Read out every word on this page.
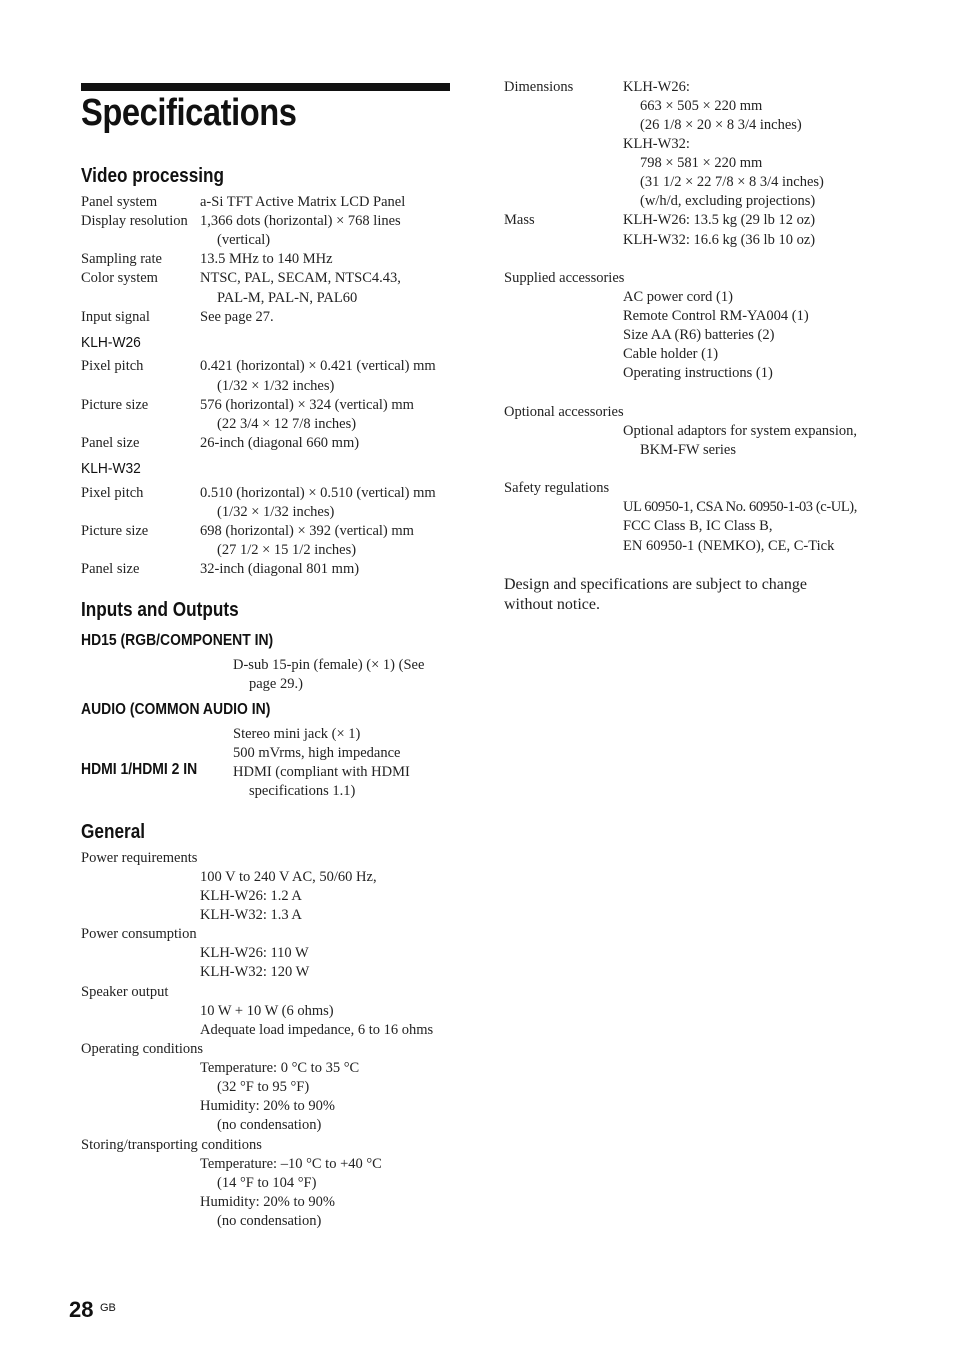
Specifications
Video processing
Panel system	a-Si TFT Active Matrix LCD Panel
Display resolution 1,366 dots (horizontal) × 768 lines
(vertical)
Sampling rate	13.5 MHz to 140 MHz
Color system	NTSC, PAL, SECAM, NTSC4.43,
PAL-M, PAL-N, PAL60
Input signal	See page 27.
KLH-W26
Pixel pitch	0.421 (horizontal) × 0.421 (vertical) mm
(1/32 × 1/32 inches)
Picture size	576 (horizontal) × 324 (vertical) mm
(22 3/4 × 12 7/8 inches)
Panel size	26-inch (diagonal 660 mm)
KLH-W32
Pixel pitch	0.510 (horizontal) × 0.510 (vertical) mm
(1/32 × 1/32 inches)
Picture size	698 (horizontal) × 392 (vertical) mm
(27 1/2 × 15 1/2 inches)
Panel size	32-inch (diagonal 801 mm)
Inputs and Outputs
HD15 (RGB/COMPONENT IN)
D-sub 15-pin (female) (× 1) (See
page 29.)
AUDIO (COMMON AUDIO IN)
Stereo mini jack (× 1)
500 mVrms, high impedance
HDMI 1/HDMI 2 IN HDMI (compliant with HDMI
specifications 1.1)
General
Power requirements
100 V to 240 V AC, 50/60 Hz,
KLH-W26: 1.2 A
KLH-W32: 1.3 A
Power consumption
KLH-W26: 110 W
KLH-W32: 120 W
Speaker output
10 W + 10 W (6 ohms)
Adequate load impedance, 6 to 16 ohms
Operating conditions
Temperature: 0 °C to 35 °C
(32 °F to 95 °F)
Humidity: 20% to 90%
(no condensation)
Storing/transporting conditions
Temperature: –10 °C to +40 °C
(14 °F to 104 °F)
Humidity: 20% to 90%
(no condensation)
Dimensions	KLH-W26:
663 × 505 × 220 mm
(26 1/8 × 20 × 8 3/4 inches)
KLH-W32:
798 × 581 × 220 mm
(31 1/2 × 22 7/8 × 8 3/4 inches)
(w/h/d, excluding projections)
Mass	KLH-W26: 13.5 kg (29 lb 12 oz)
KLH-W32: 16.6 kg (36 lb 10 oz)
Supplied accessories
AC power cord (1)
Remote Control RM-YA004 (1)
Size AA (R6) batteries (2)
Cable holder (1)
Operating instructions (1)
Optional accessories
Optional adaptors for system expansion,
BKM-FW series
Safety regulations
UL 60950-1, CSA No. 60950-1-03 (c-UL),
FCC Class B, IC Class B,
EN 60950-1 (NEMKO), CE, C-Tick
Design and specifications are subject to change
without notice.
28 GB
